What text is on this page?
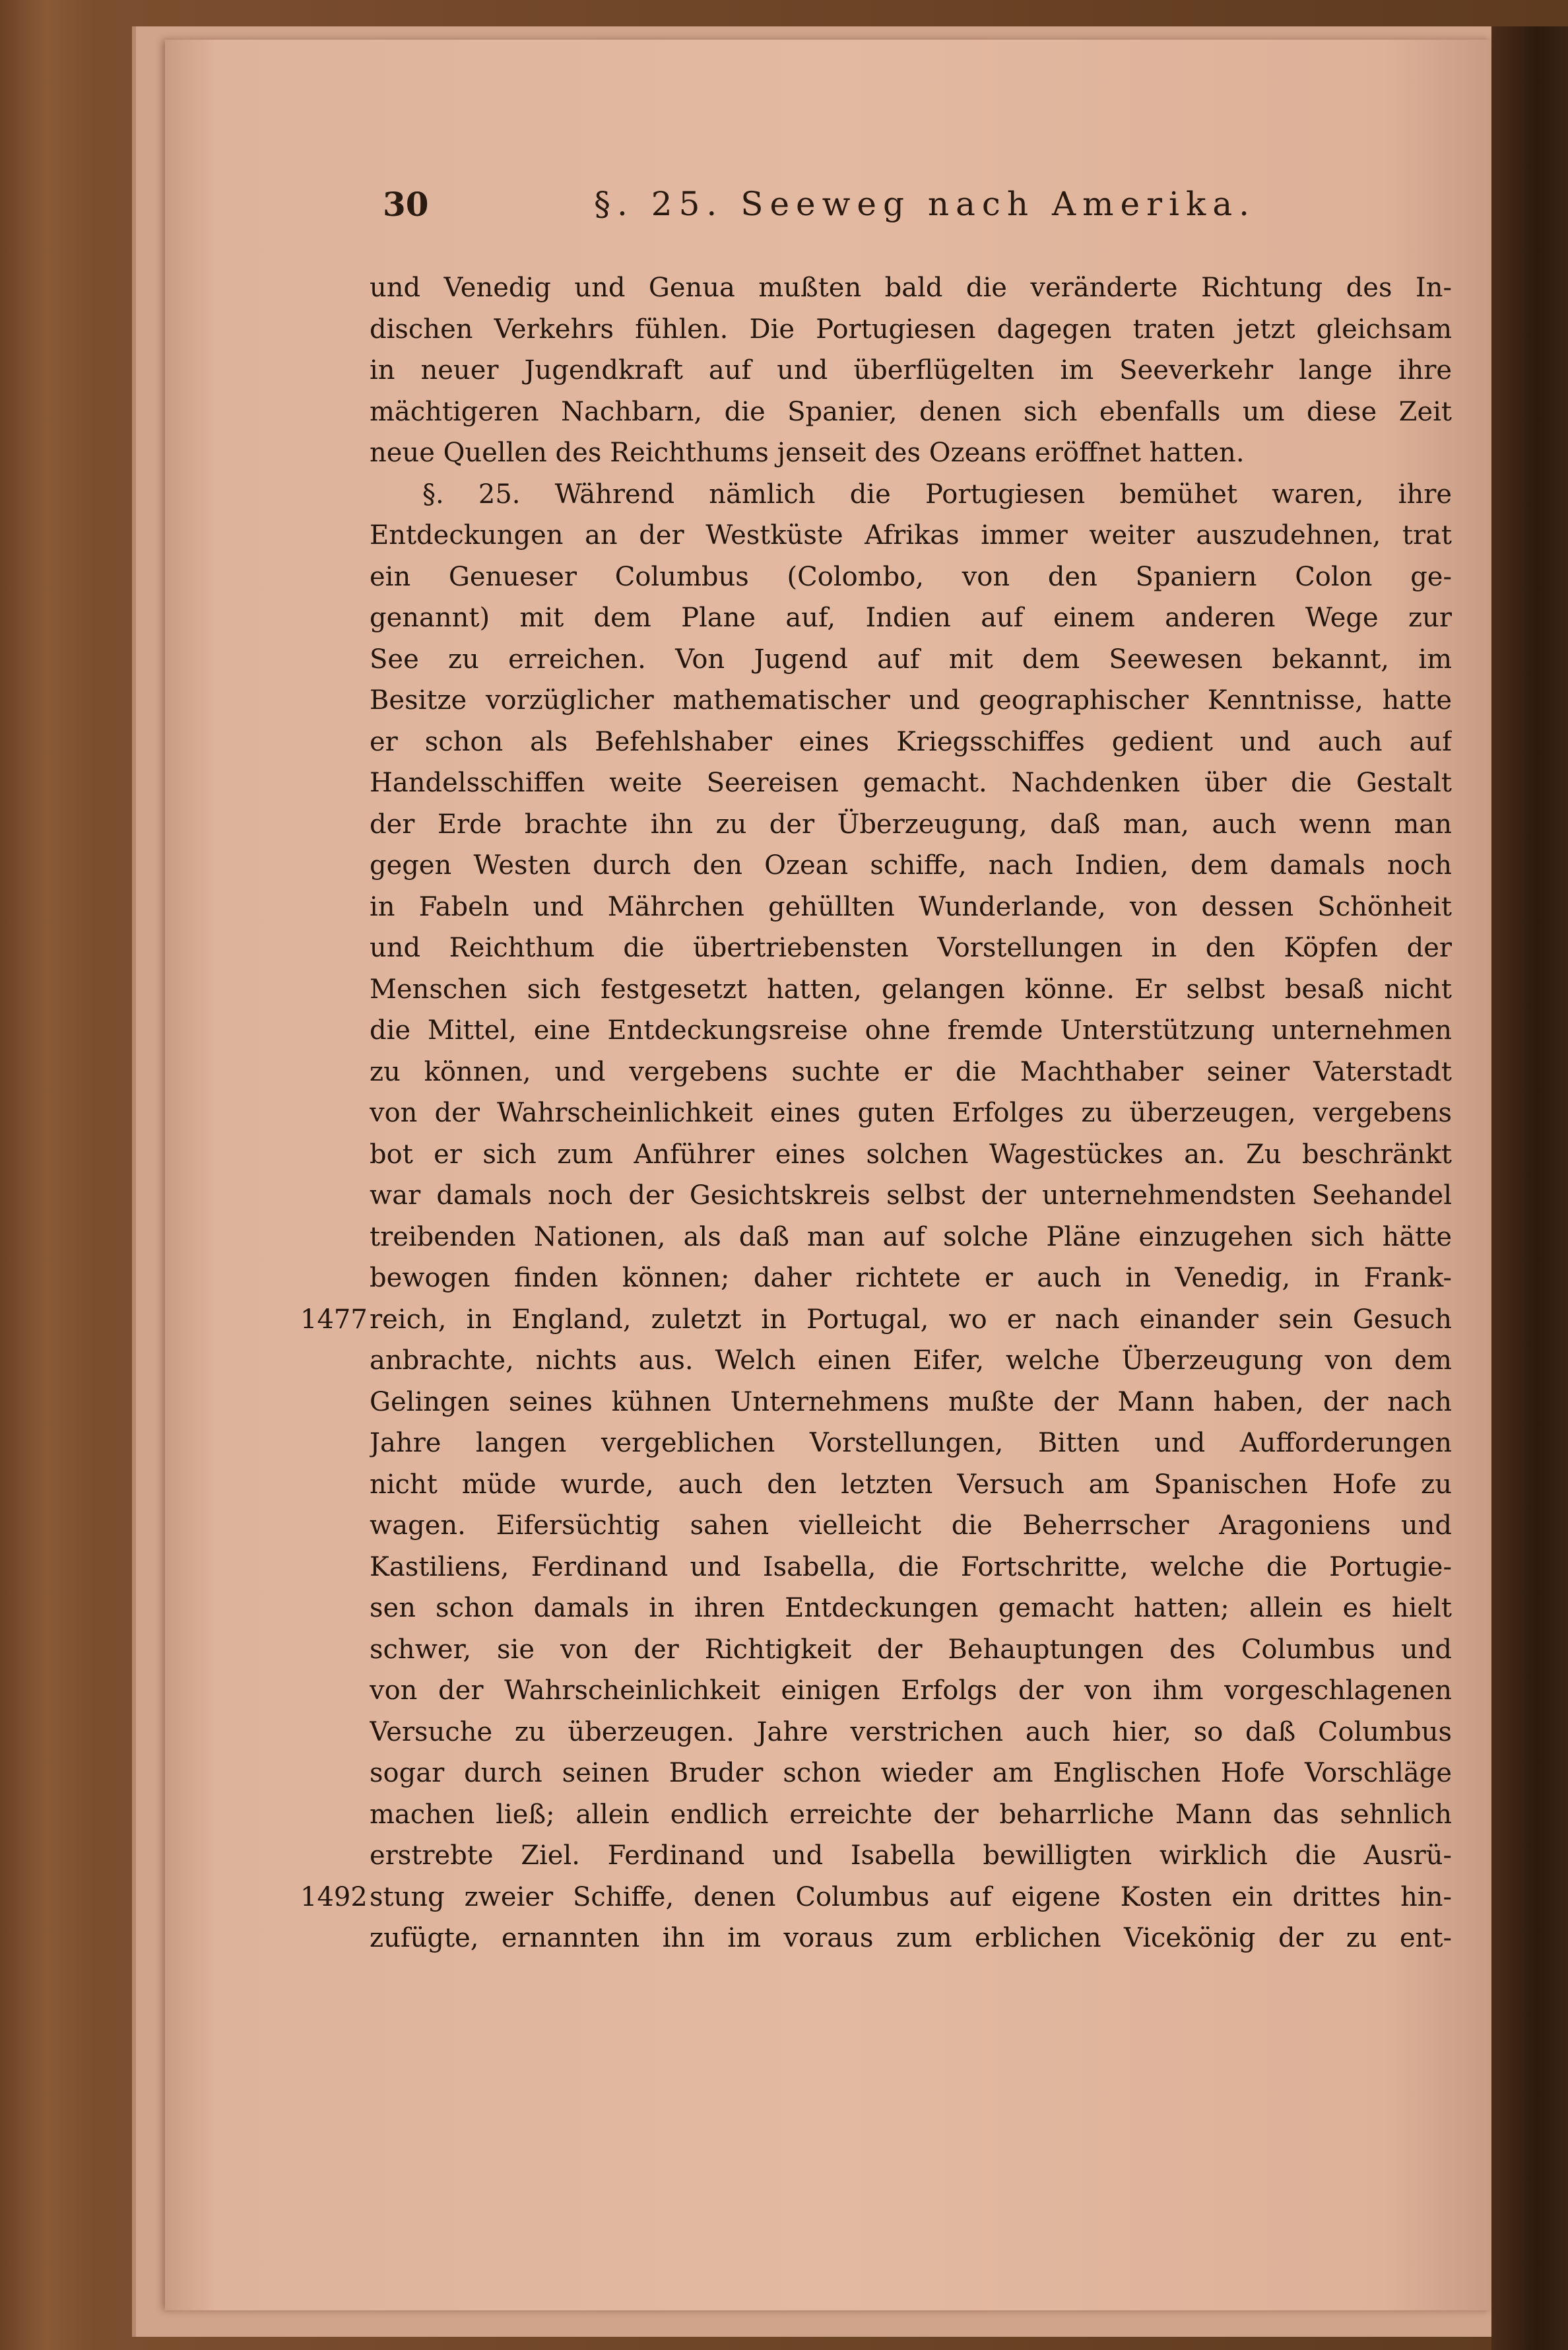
30	§. 25. Seeweg nach Amerika.
1477
1492
und Venedig und Genua mußten bald die veränderte Richtung des In-
dischen Verkehrs fühlen. Die Portugiesen dagegen traten jetzt gleichsam
in neuer Jugendkraft auf und überflügelten im Seeverkehr lange ihre
mächtigeren Nachbarn, die Spanier, denen sich ebenfalls um diese Zeit
neue Quellen des Reichthums jenseit des Ozeans eröffnet hatten.
§. 25. Während nämlich die Portugiesen bemühet waren, ihre
Entdeckungen an der Westküste Afrikas immer weiter auszudehnen, trat
ein Genueser Columbus (Colombo, von den Spaniern Colon ge-
genannt) mit dem Plane auf, Indien auf einem anderen Wege zur
See zu erreichen. Von Jugend auf mit dem Seewesen bekannt, im
Besitze vorzüglicher mathematischer und geographischer Kenntnisse, hatte
er schon als Befehlshaber eines Kriegsschiffes gedient und auch auf
Handelsschiffen weite Seereisen gemacht. Nachdenken über die Gestalt
der Erde brachte ihn zu der Überzeugung, daß man, auch wenn man
gegen Westen durch den Ozean schiffe, nach Indien, dem damals noch
in Fabeln und Mährchen gehüllten Wunderlande, von dessen Schönheit
und Reichthum die übertriebensten Vorstellungen in den Köpfen der
Menschen sich festgesetzt hatten, gelangen könne. Er selbst besaß nicht
die Mittel, eine Entdeckungsreise ohne fremde Unterstützung unternehmen
zu können, und vergebens suchte er die Machthaber seiner Vaterstadt
von der Wahrscheinlichkeit eines guten Erfolges zu überzeugen, vergebens
bot er sich zum Anführer eines solchen Wagestückes an. Zu beschränkt
war damals noch der Gesichtskreis selbst der unternehmendsten Seehandel
treibenden Nationen, als daß man auf solche Pläne einzugehen sich hätte
bewogen finden können; daher richtete er auch in Venedig, in Frank-
reich, in England, zuletzt in Portugal, wo er nach einander sein Gesuch
anbrachte, nichts aus. Welch einen Eifer, welche Überzeugung von dem
Gelingen seines kühnen Unternehmens mußte der Mann haben, der nach
Jahre langen vergeblichen Vorstellungen, Bitten und Aufforderungen
nicht müde wurde, auch den letzten Versuch am Spanischen Hofe zu
wagen. Eifersüchtig sahen vielleicht die Beherrscher Aragoniens und
Kastiliens, Ferdinand und Isabella, die Fortschritte, welche die Portugie-
sen schon damals in ihren Entdeckungen gemacht hatten; allein es hielt
schwer, sie von der Richtigkeit der Behauptungen des Columbus und
von der Wahrscheinlichkeit einigen Erfolgs der von ihm vorgeschlagenen
Versuche zu überzeugen. Jahre verstrichen auch hier, so daß Columbus
sogar durch seinen Bruder schon wieder am Englischen Hofe Vorschläge
machen ließ; allein endlich erreichte der beharrliche Mann das sehnlich
erstrebte Ziel. Ferdinand und Isabella bewilligten wirklich die Ausrü-
stung zweier Schiffe, denen Columbus auf eigene Kosten ein drittes hin-
zufügte, ernannten ihn im voraus zum erblichen Vicekönig der zu ent-
